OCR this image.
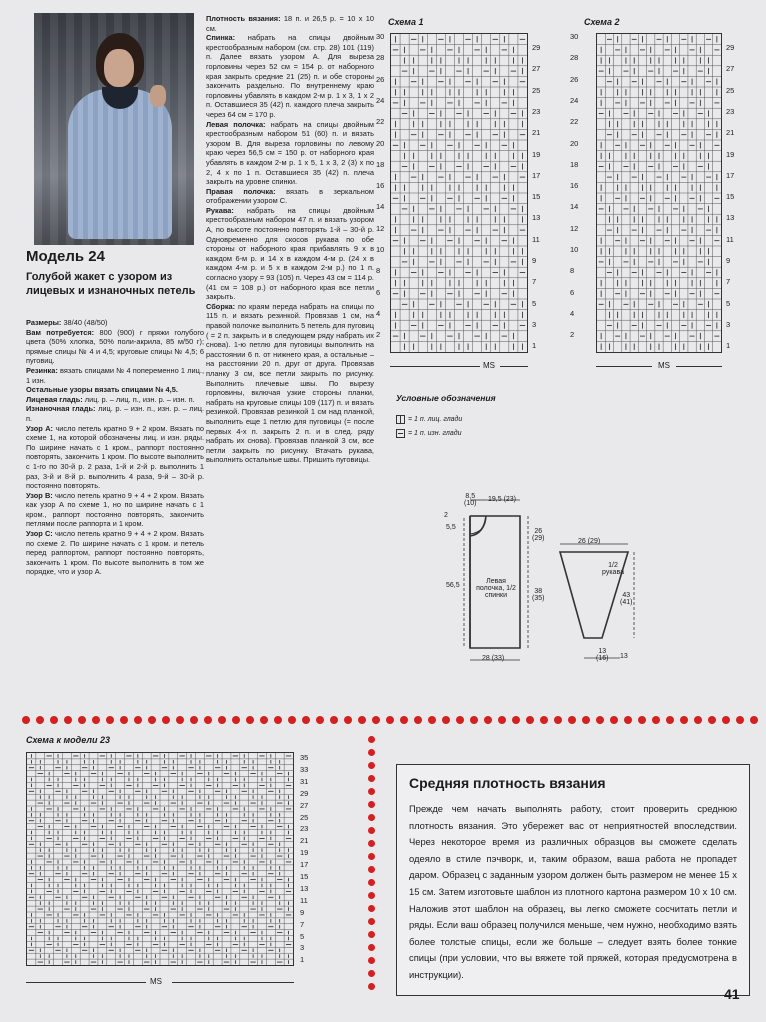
Модель 24
Голубой жакет с узором из лицевых и изнаночных петель

Размеры: 38/40 (48/50)

Вам потребуется: 800 (900) г пряжи голубого цвета (50% хлопка, 50% поли-акрила, 85 м/50 г); прямые спицы № 4 и 4,5; круговые спицы № 4,5; 6 пуговиц.

Резинка: вязать спицами № 4 попеременно 1 лиц., 1 изн.

Остальные узоры вязать спицами № 4,5.

Лицевая гладь: лиц. р. – лиц. п., изн. р. – изн. п.

Изнаночная гладь: лиц. р. – изн. п., изн. р. – лиц. п.

Узор А: число петель кратно 9 + 2 кром. Вязать по схеме 1, на которой обозначены лиц. и изн. ряды. По ширине начать с 1 кром., раппорт постоянно повторять, закончить 1 кром. По высоте выполнить с 1-го по 30-й р. 2 раза, 1-й и 2-й р. выполнить 1 раз, 3-й и 8-й р. выполнить 4 раза, 9-й – 30-й р. постоянно повторять.

Узор В: число петель кратно 9 + 4 + 2 кром. Вязать как узор А по схеме 1, но по ширине начать с 1 кром., раппорт постоянно повторять, закончить петлями после раппорта и 1 кром.

Узор С: число петель кратно 9 + 4 + 2 кром. Вязать по схеме 2. По ширине начать с 1 кром. и петель перед раппортом, раппорт постоянно повторять, закончить 1 кром. По высоте выполнить в том же порядке, что и узор А.

Плотность вязания: 18 п. и 26,5 р. = 10 х 10 см.

Спинка: набрать на спицы двойным крестообразным набором (см. стр. 28) 101 (119) п. Далее вязать узором А. Для выреза горловины через 52 см = 154 р. от наборного края закрыть средние 21 (25) п. и обе стороны закончить раздельно. По внутреннему краю горловины убавлять в каждом 2-м р. 1 х 3, 1 х 2 п. Оставшиеся 35 (42) п. каждого плеча закрыть через 64 см = 170 р.

Левая полочка: набрать на спицы двойным крестообразным набором 51 (60) п. и вязать узором В. Для выреза горловины по левому краю через 56,5 см = 150 р. от наборного края убавлять в каждом 2-м р. 1 х 5, 1 х 3, 2 (3) х по 2, 4 х по 1 п. Оставшиеся 35 (42) п. плеча закрыть на уровне спинки.

Правая полочка: вязать в зеркальном отображении узором С.

Рукава: набрать на спицы двойным крестообразным набором 47 п. и вязать узором А, по высоте постоянно повторять 1-й – 30-й р. Одновременно для скосов рукава по обе стороны от наборного края прибавлять 9 х в каждом 6-м р. и 14 х в каждом 4-м р. (24 х в каждом 4-м р. и 5 х в каждом 2-м р.) по 1 п. согласно узору = 93 (105) п. Через 43 см = 114 р. (41 см = 108 р.) от наборного края все петли закрыть.

Сборка: по краям переда набрать на спицы по 115 п. и вязать резинкой. Провязав 1 см, на правой полочке выполнить 5 петель для пуговиц ( = 2 п. закрыть и в следующем ряду набрать их снова). 1-ю петлю для пуговицы выполнить на расстоянии 6 п. от нижнего края, а остальные – на расстоянии 20 п. друг от друга. Провязав планку 3 см, все петли закрыть по рисунку. Выполнить плечевые швы. По вырезу горловины, включая узкие стороны планки, набрать на круговые спицы 109 (117) п. и вязать резинкой. Провязав резинкой 1 см над планкой, выполнить еще 1 петлю для пуговицы (= после первых 4-х п. закрыть 2 п. и в след. ряду набрать их снова). Провязав планкой 3 см, все петли закрыть по рисунку. Втачать рукава, выполнить остальные швы. Пришить пуговицы.

Схема 1
30
28
26
24
22
20
18
16
14
12
10
8
6
4
2
29
27
25
23
21
19
17
15
13
11
9
7
5
3
1
MS
Схема 2
30
28
26
24
22
20
18
16
14
12
10
8
6
4
2
29
27
25
23
21
19
17
15
13
11
9
7
5
3
1
MS
Условные обозначения
= 1 п. лиц. глади
= 1 п. изн. глади
8,5
(10)
19,5 (23)
2
5,5
56,5
Левая полочка, 1/2 спинки
26
(29)
38
(35)
28 (33)
26 (29)
1/2 рукава
43
(41)
13
(16) 13
Схема к модели 23
35
33
31
29
27
25
23
21
19
17
15
13
11
9
7
5
3
1
MS
Средняя плотность вязания
Прежде чем начать выполнять работу, стоит проверить среднюю плотность вязания. Это убережет вас от неприятностей впоследствии. Через некоторое время из различных образцов вы сможете сделать одеяло в стиле пэчворк, и, таким образом, ваша работа не пропадет даром. Образец с заданным узором должен быть размером не менее 15 х 15 см. Затем изготовьте шаблон из плотного картона размером 10 х 10 см. Наложив этот шаблон на образец, вы легко сможете сосчитать петли и ряды. Если ваш образец получился меньше, чем нужно, необходимо взять более толстые спицы, если же больше – следует взять более тонкие спицы (при условии, что вы вяжете той пряжей, которая предусмотрена в инструкции).
41
